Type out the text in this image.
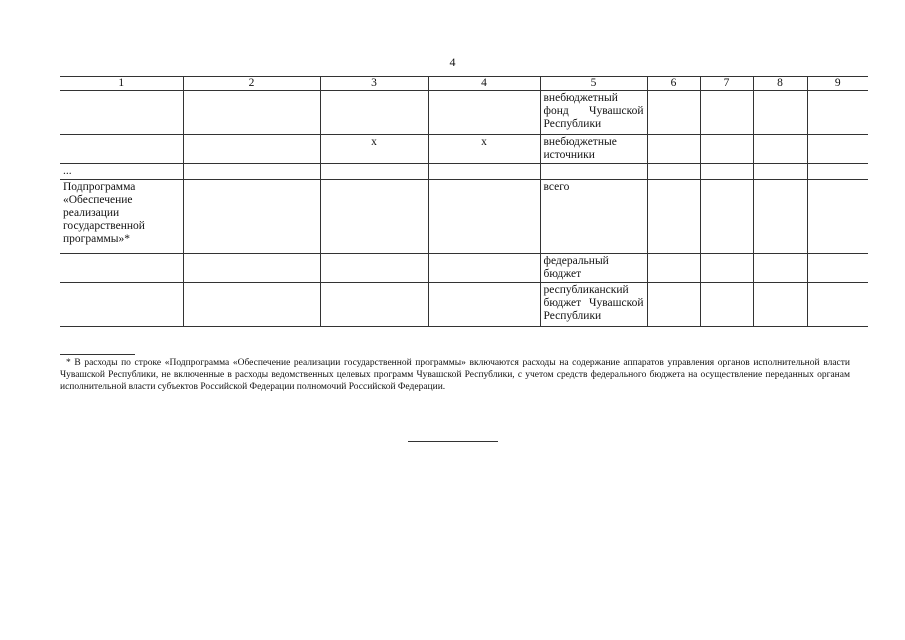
4
1	2	3	4	5	6	7	8	9
				внебюджетный фонд Чувашской Республики				
		х	х	внебюджетные источники				
...								
Подпрограмма «Обеспечение реализации государственной программы»*				всего				
				федеральный бюджет				
				республиканский бюджет Чувашской Республики				
* В расходы по строке «Подпрограмма «Обеспечение реализации государственной программы» включаются расходы на содержание аппаратов управления органов исполнительной власти Чувашской Республики, не включенные в расходы ведомственных целевых программ Чувашской Республики, с учетом средств федерального бюджета на осуществление переданных органам исполнительной власти субъектов Российской Федерации полномочий Российской Федерации.
